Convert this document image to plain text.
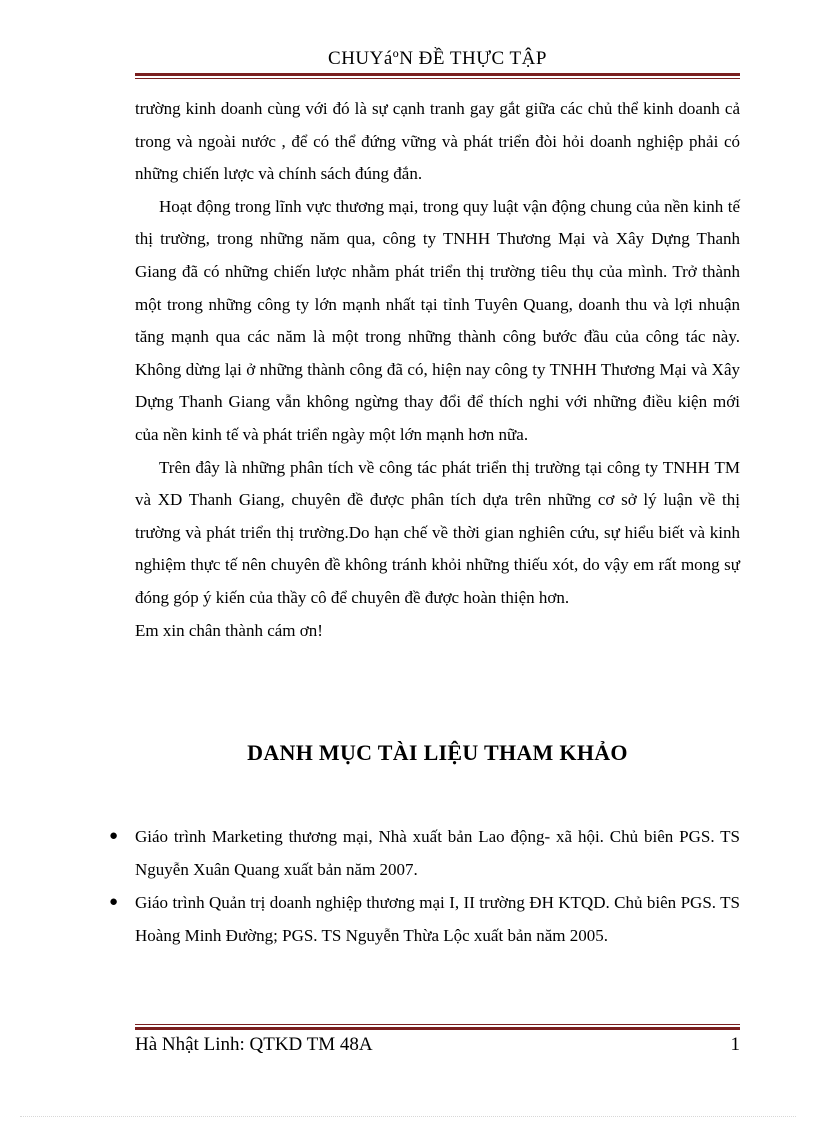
CHUYáºN ĐỀ THỰC TẬP

trường kinh doanh cùng với đó là sự cạnh tranh gay gắt giữa các chủ thể kinh doanh cả trong và ngoài nước , để có thể đứng vững và phát triển đòi hỏi doanh nghiệp phải có những chiến lược và chính sách đúng đắn.

Hoạt động trong lĩnh vực thương mại, trong quy luật vận động chung của nền kinh tế thị trường, trong những năm qua, công ty TNHH Thương Mại và Xây Dựng Thanh Giang đã có những chiến lược nhằm phát triển thị trường tiêu thụ của mình. Trở thành một trong những công ty lớn mạnh nhất tại tỉnh Tuyên Quang, doanh thu và lợi nhuận tăng mạnh qua các năm là một trong những thành công bước đầu của công tác này. Không dừng lại ở những thành công đã có, hiện nay công ty TNHH Thương Mại và Xây Dựng Thanh Giang vẫn không ngừng thay đổi để thích nghi với những điều kiện mới của nền kinh tế và phát triển ngày một lớn mạnh hơn nữa.

Trên đây là những phân tích về công tác phát triển thị trường tại công ty TNHH TM và XD Thanh Giang, chuyên đề được phân tích dựa trên những cơ sở lý luận về thị trường và phát triển thị trường.Do hạn chế về thời gian nghiên cứu, sự hiểu biết và kinh nghiệm thực tế nên chuyên đề không tránh khỏi những thiếu xót, do vậy em rất mong sự đóng góp ý kiến của thầy cô để chuyên đề được hoàn thiện hơn.

Em xin chân thành cám ơn!

DANH MỤC TÀI LIỆU THAM KHẢO
● Giáo trình Marketing thương mại, Nhà xuất bản Lao động- xã hội. Chủ biên PGS. TS Nguyễn Xuân Quang xuất bản năm 2007.
● Giáo trình Quản trị doanh nghiệp thương mại I, II trường ĐH KTQD. Chủ biên PGS. TS Hoàng Minh Đường; PGS. TS Nguyễn Thừa Lộc xuất bản năm 2005.
Hà Nhật Linh: QTKD TM 48A	1
